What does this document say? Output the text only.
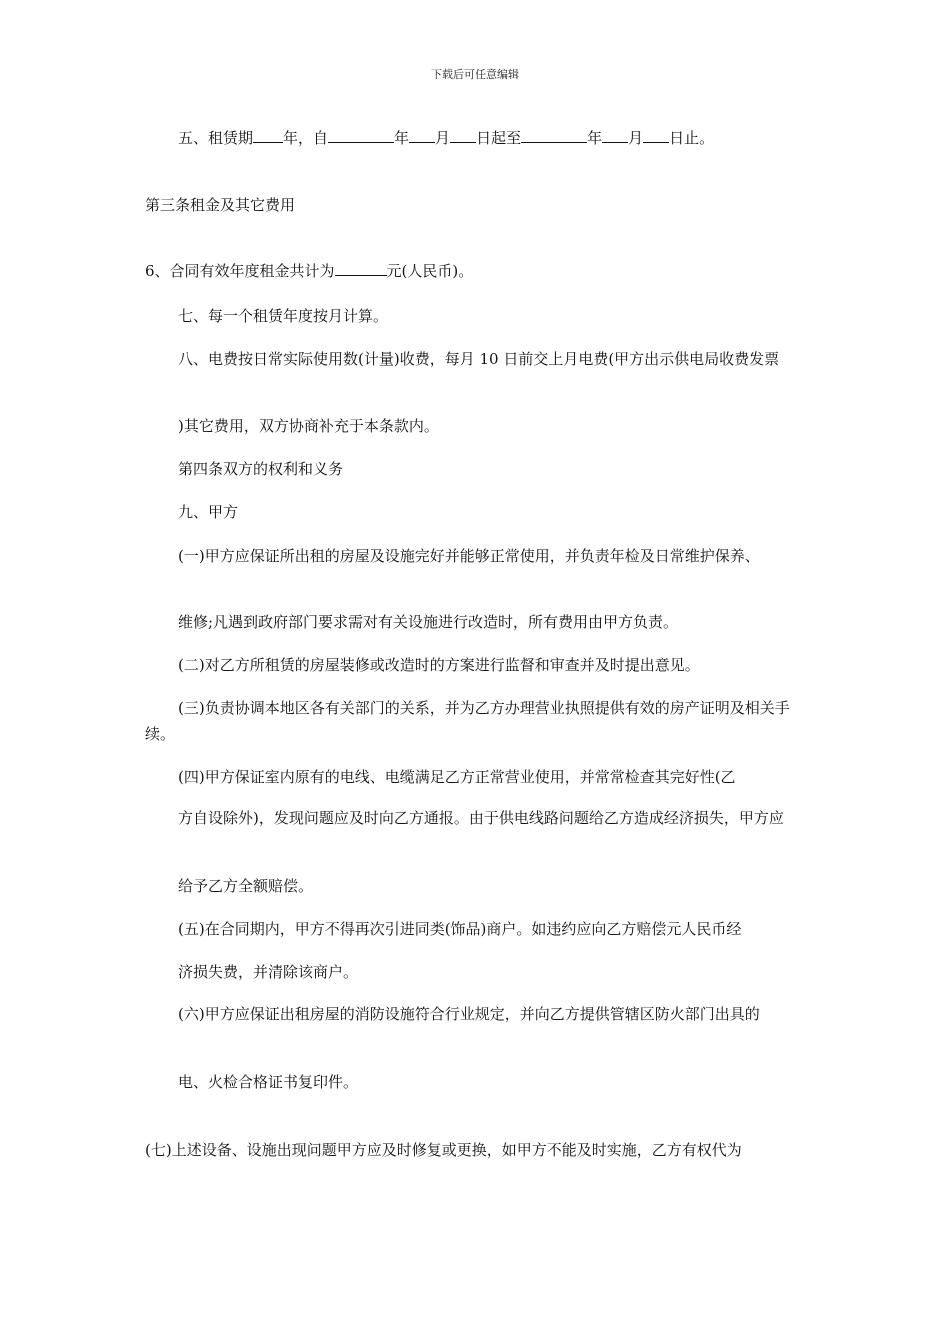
下载后可任意编辑
五、租赁期 年，自	年 月 日起至	年 月 日止。
第三条租金及其它费用
6、合同有效年度租金共计为	元(人民币)。
七、每一个租赁年度按月计算。
八、电费按日常实际使用数(计量)收费，每月 10 日前交上月电费(甲方出示供电局收费发票
)其它费用，双方协商补充于本条款内。
第四条双方的权利和义务
九、甲方
(一)甲方应保证所出租的房屋及设施完好并能够正常使用，并负责年检及日常维护保养、
维修;凡遇到政府部门要求需对有关设施进行改造时，所有费用由甲方负责。
(二)对乙方所租赁的房屋装修或改造时的方案进行监督和审查并及时提出意见。
(三)负责协调本地区各有关部门的关系，并为乙方办理营业执照提供有效的房产证明及相关手续。
(四)甲方保证室内原有的电线、电缆满足乙方正常营业使用，并常常检查其完好性(乙
方自设除外)，发现问题应及时向乙方通报。由于供电线路问题给乙方造成经济损失，甲方应
给予乙方全额赔偿。
(五)在合同期内，甲方不得再次引进同类(饰品)商户。如违约应向乙方赔偿元人民币经
济损失费，并清除该商户。
(六)甲方应保证出租房屋的消防设施符合行业规定，并向乙方提供管辖区防火部门出具的
电、火检合格证书复印件。
(七)上述设备、设施出现问题甲方应及时修复或更换，如甲方不能及时实施，乙方有权代为
